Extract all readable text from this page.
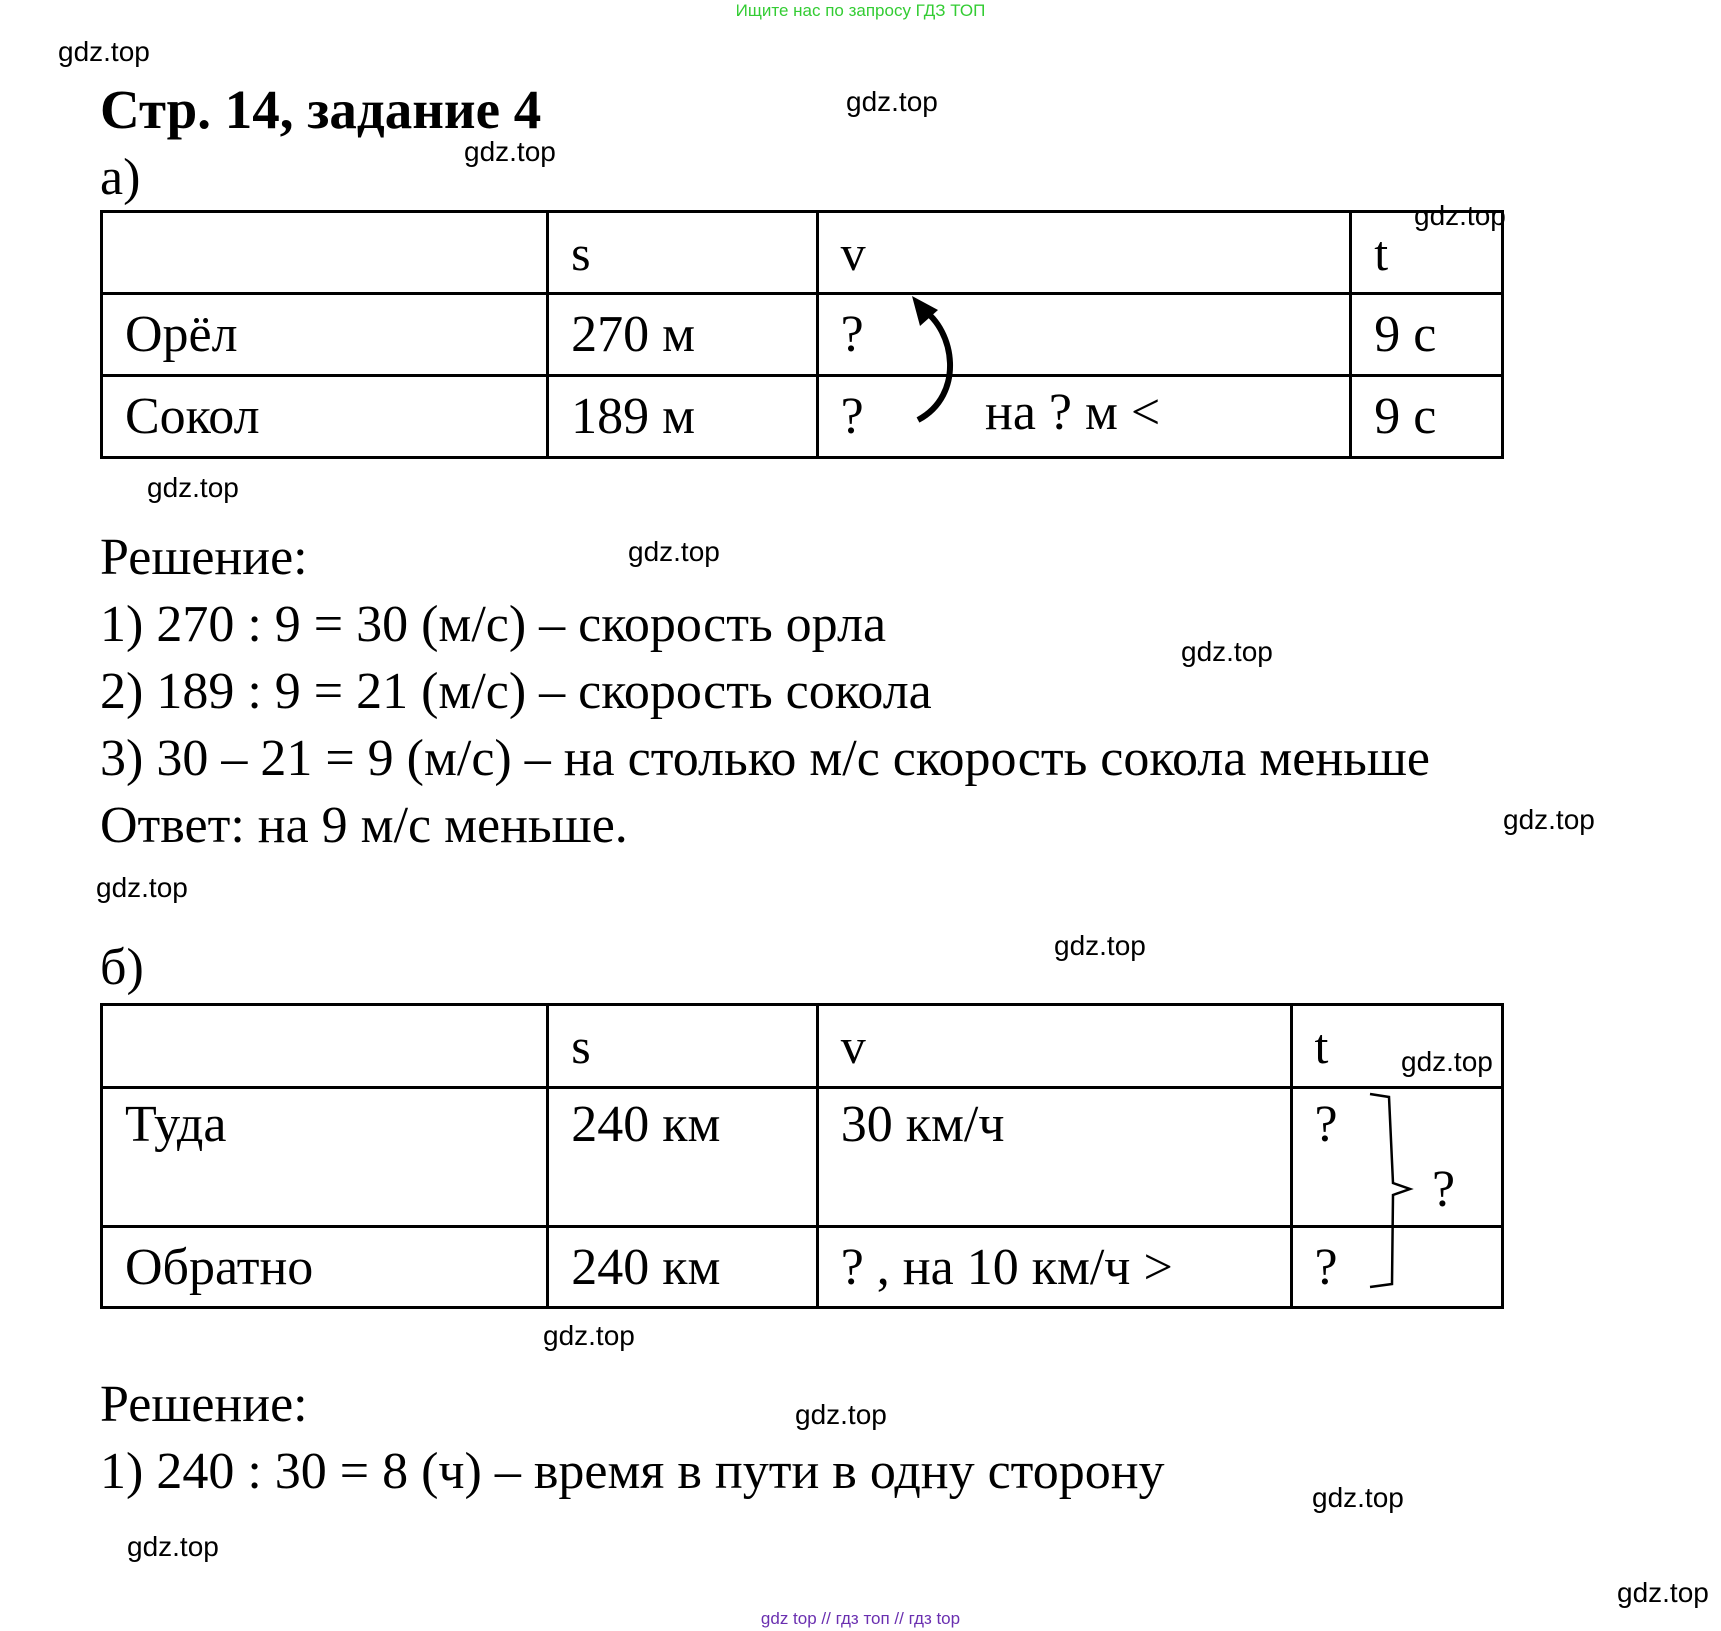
Ищите нас по запросу ГДЗ ТОП
gdz top // гдз топ // гдз top
gdz.top
gdz.top
gdz.top
gdz.top
gdz.top
gdz.top
gdz.top
gdz.top
gdz.top
gdz.top
gdz.top
gdz.top
gdz.top
gdz.top
gdz.top
gdz.top
Стр. 14, задание 4
а)

	s	v	t

Орёл	270 м	?	9 с

Сокол	189 м	?	9 с
на ? м <
Решение:
1) 270 : 9 = 30 (м/с) – скорость орла
2) 189 : 9 = 21 (м/с) – скорость сокола
3) 30 – 21 = 9 (м/с) – на столько м/с скорость сокола меньше
Ответ: на 9 м/с меньше.
б)

	s	v	t

Туда	240 км	30 км/ч	?

Обратно	240 км	? , на 10 км/ч >	?
?
Решение:
1) 240 : 30 = 8 (ч) – время в пути в одну сторону
